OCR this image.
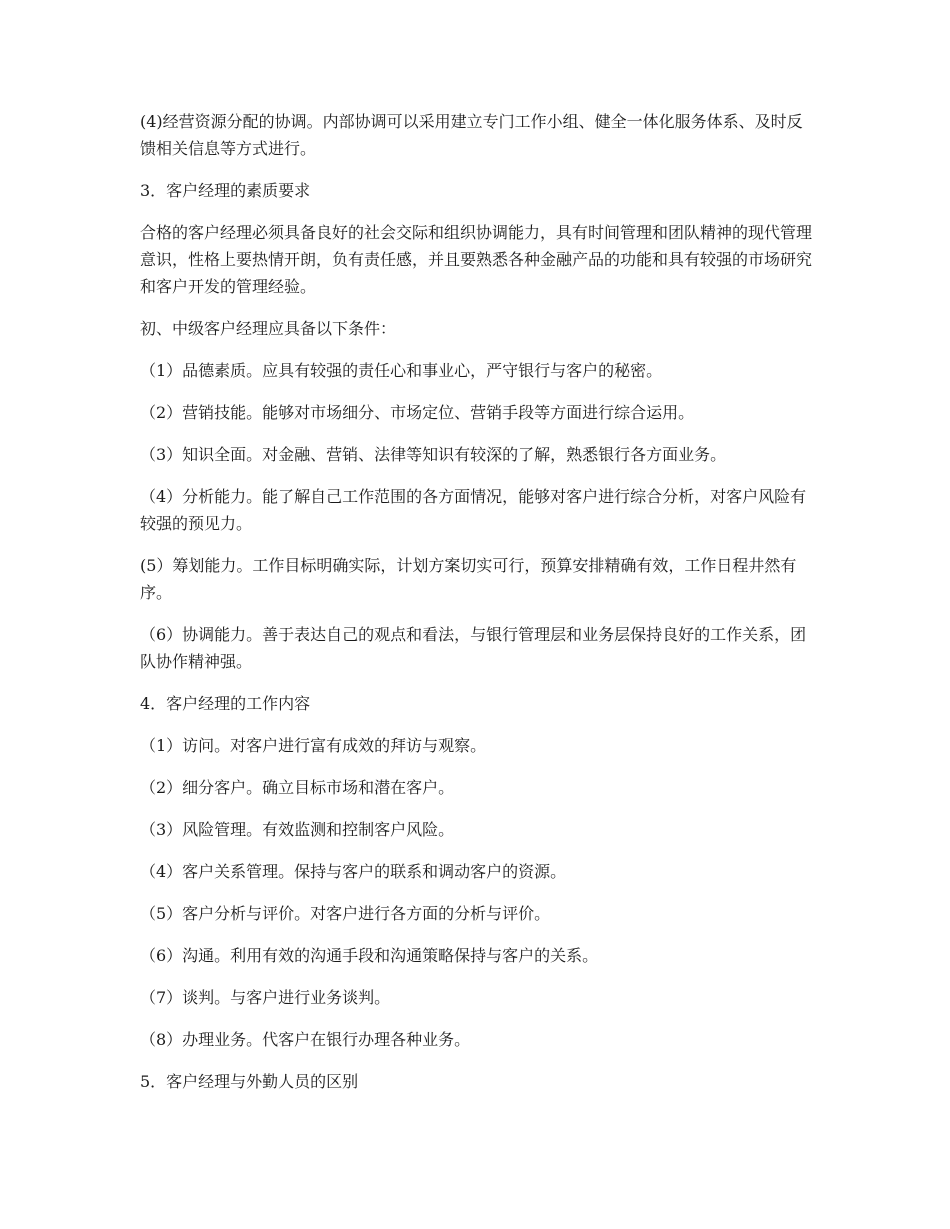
(4)经营资源分配的协调。内部协调可以采用建立专门工作小组、健全一体化服务体系、及时反馈相关信息等方式进行。

3．客户经理的素质要求

合格的客户经理必须具备良好的社会交际和组织协调能力，具有时间管理和团队精神的现代管理意识，性格上要热情开朗，负有责任感，并且要熟悉各种金融产品的功能和具有较强的市场研究和客户开发的管理经验。

初、中级客户经理应具备以下条件：

（1）品德素质。应具有较强的责任心和事业心，严守银行与客户的秘密。

（2）营销技能。能够对市场细分、市场定位、营销手段等方面进行综合运用。

（3）知识全面。对金融、营销、法律等知识有较深的了解，熟悉银行各方面业务。

（4）分析能力。能了解自己工作范围的各方面情况，能够对客户进行综合分析，对客户风险有较强的预见力。

(5）筹划能力。工作目标明确实际，计划方案切实可行，预算安排精确有效，工作日程井然有序。

（6）协调能力。善于表达自己的观点和看法，与银行管理层和业务层保持良好的工作关系，团队协作精神强。

4．客户经理的工作内容

（1）访问。对客户进行富有成效的拜访与观察。

（2）细分客户。确立目标市场和潜在客户。

（3）风险管理。有效监测和控制客户风险。

（4）客户关系管理。保持与客户的联系和调动客户的资源。

（5）客户分析与评价。对客户进行各方面的分析与评价。

（6）沟通。利用有效的沟通手段和沟通策略保持与客户的关系。

（7）谈判。与客户进行业务谈判。

（8）办理业务。代客户在银行办理各种业务。

5．客户经理与外勤人员的区别
